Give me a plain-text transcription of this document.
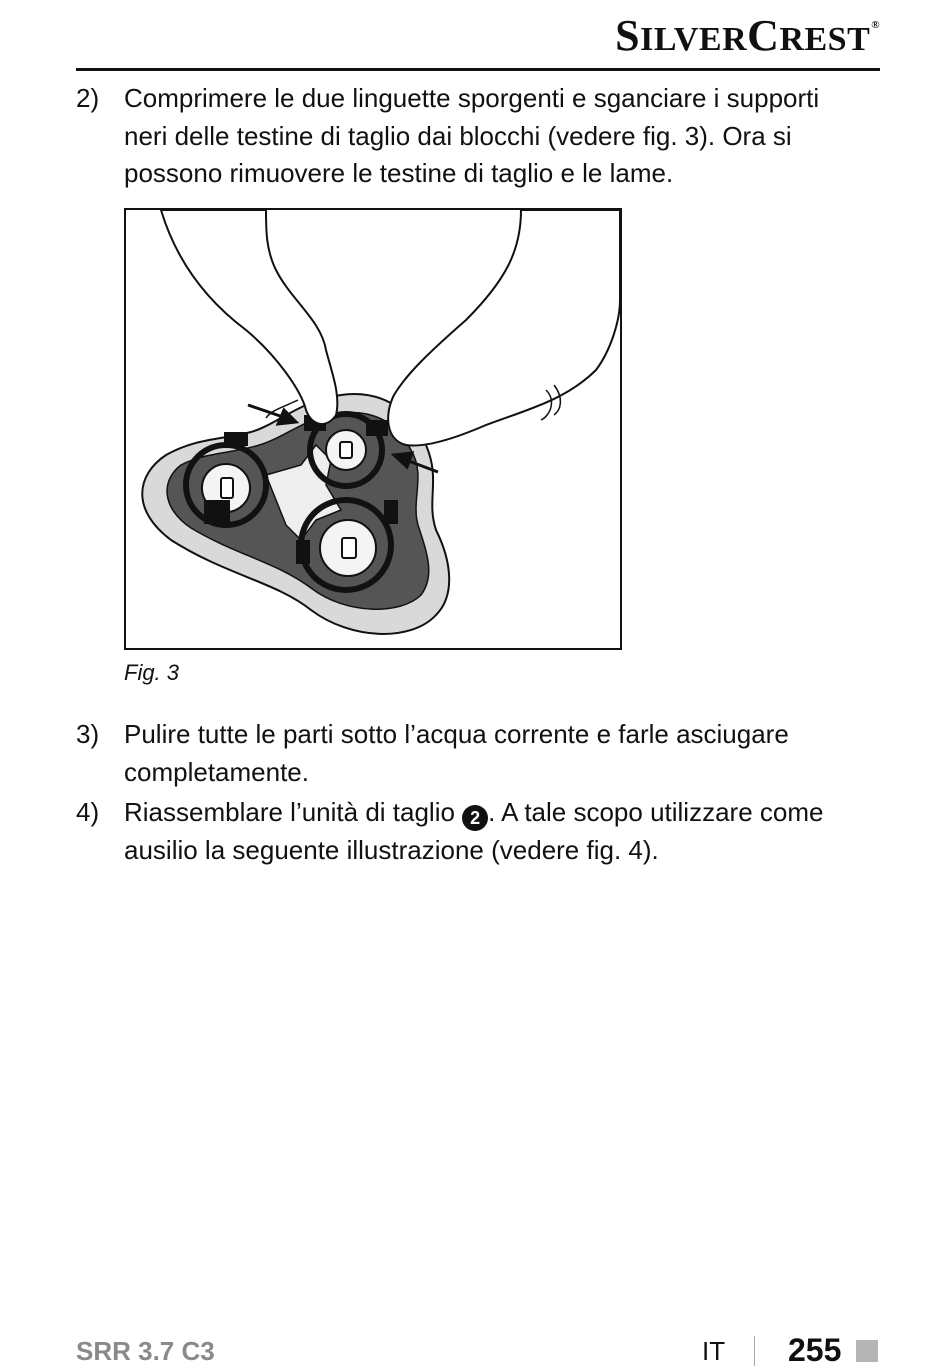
SILVERCREST®
2) Comprimere le due linguette sporgenti e sganciare i supporti
neri delle testine di taglio dai blocchi (vedere fig. 3). Ora si
possono rimuovere le testine di taglio e le lame.
Fig. 3
3) Pulire tutte le parti sotto l’acqua corrente e farle asciugare
completamente.
4) Riassemblare l’unità di taglio 2 . A tale scopo utilizzare come
ausilio la seguente illustrazione (vedere fig. 4).
SRR 3.7 C3	IT 255
